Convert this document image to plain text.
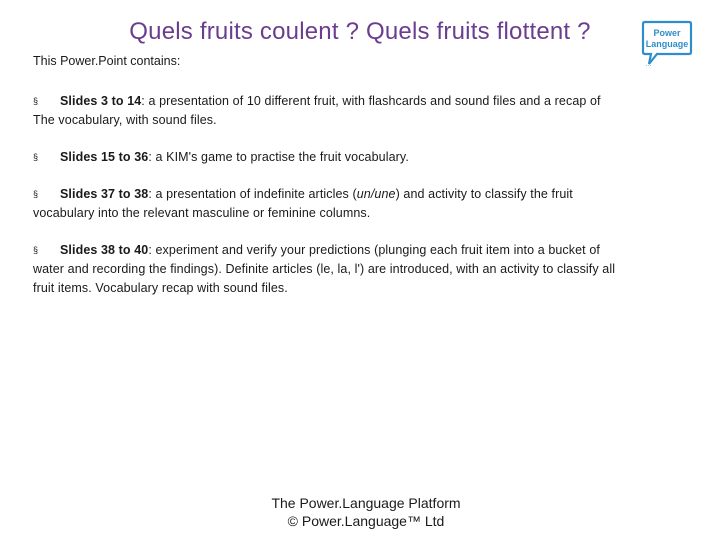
Quels fruits coulent ? Quels fruits flottent ?	Power
Language
…
This Power.Point contains:
§ Slides 3 to 14: a presentation of 10 different fruit, with flashcards and sound files and a recap of The vocabulary, with sound files.
§ Slides 15 to 36: a KIM's game to practise the fruit vocabulary.
§ Slides 37 to 38: a presentation of indefinite articles (un/une) and activity to classify the fruit vocabulary into the relevant masculine or feminine columns.
§ Slides 38 to 40: experiment and verify your predictions (plunging each fruit item into a bucket of water and recording the findings). Definite articles (le, la, l') are introduced, with an activity to classify all fruit items. Vocabulary recap with sound files.
The Power.Language Platform
© Power.Language™ Ltd
